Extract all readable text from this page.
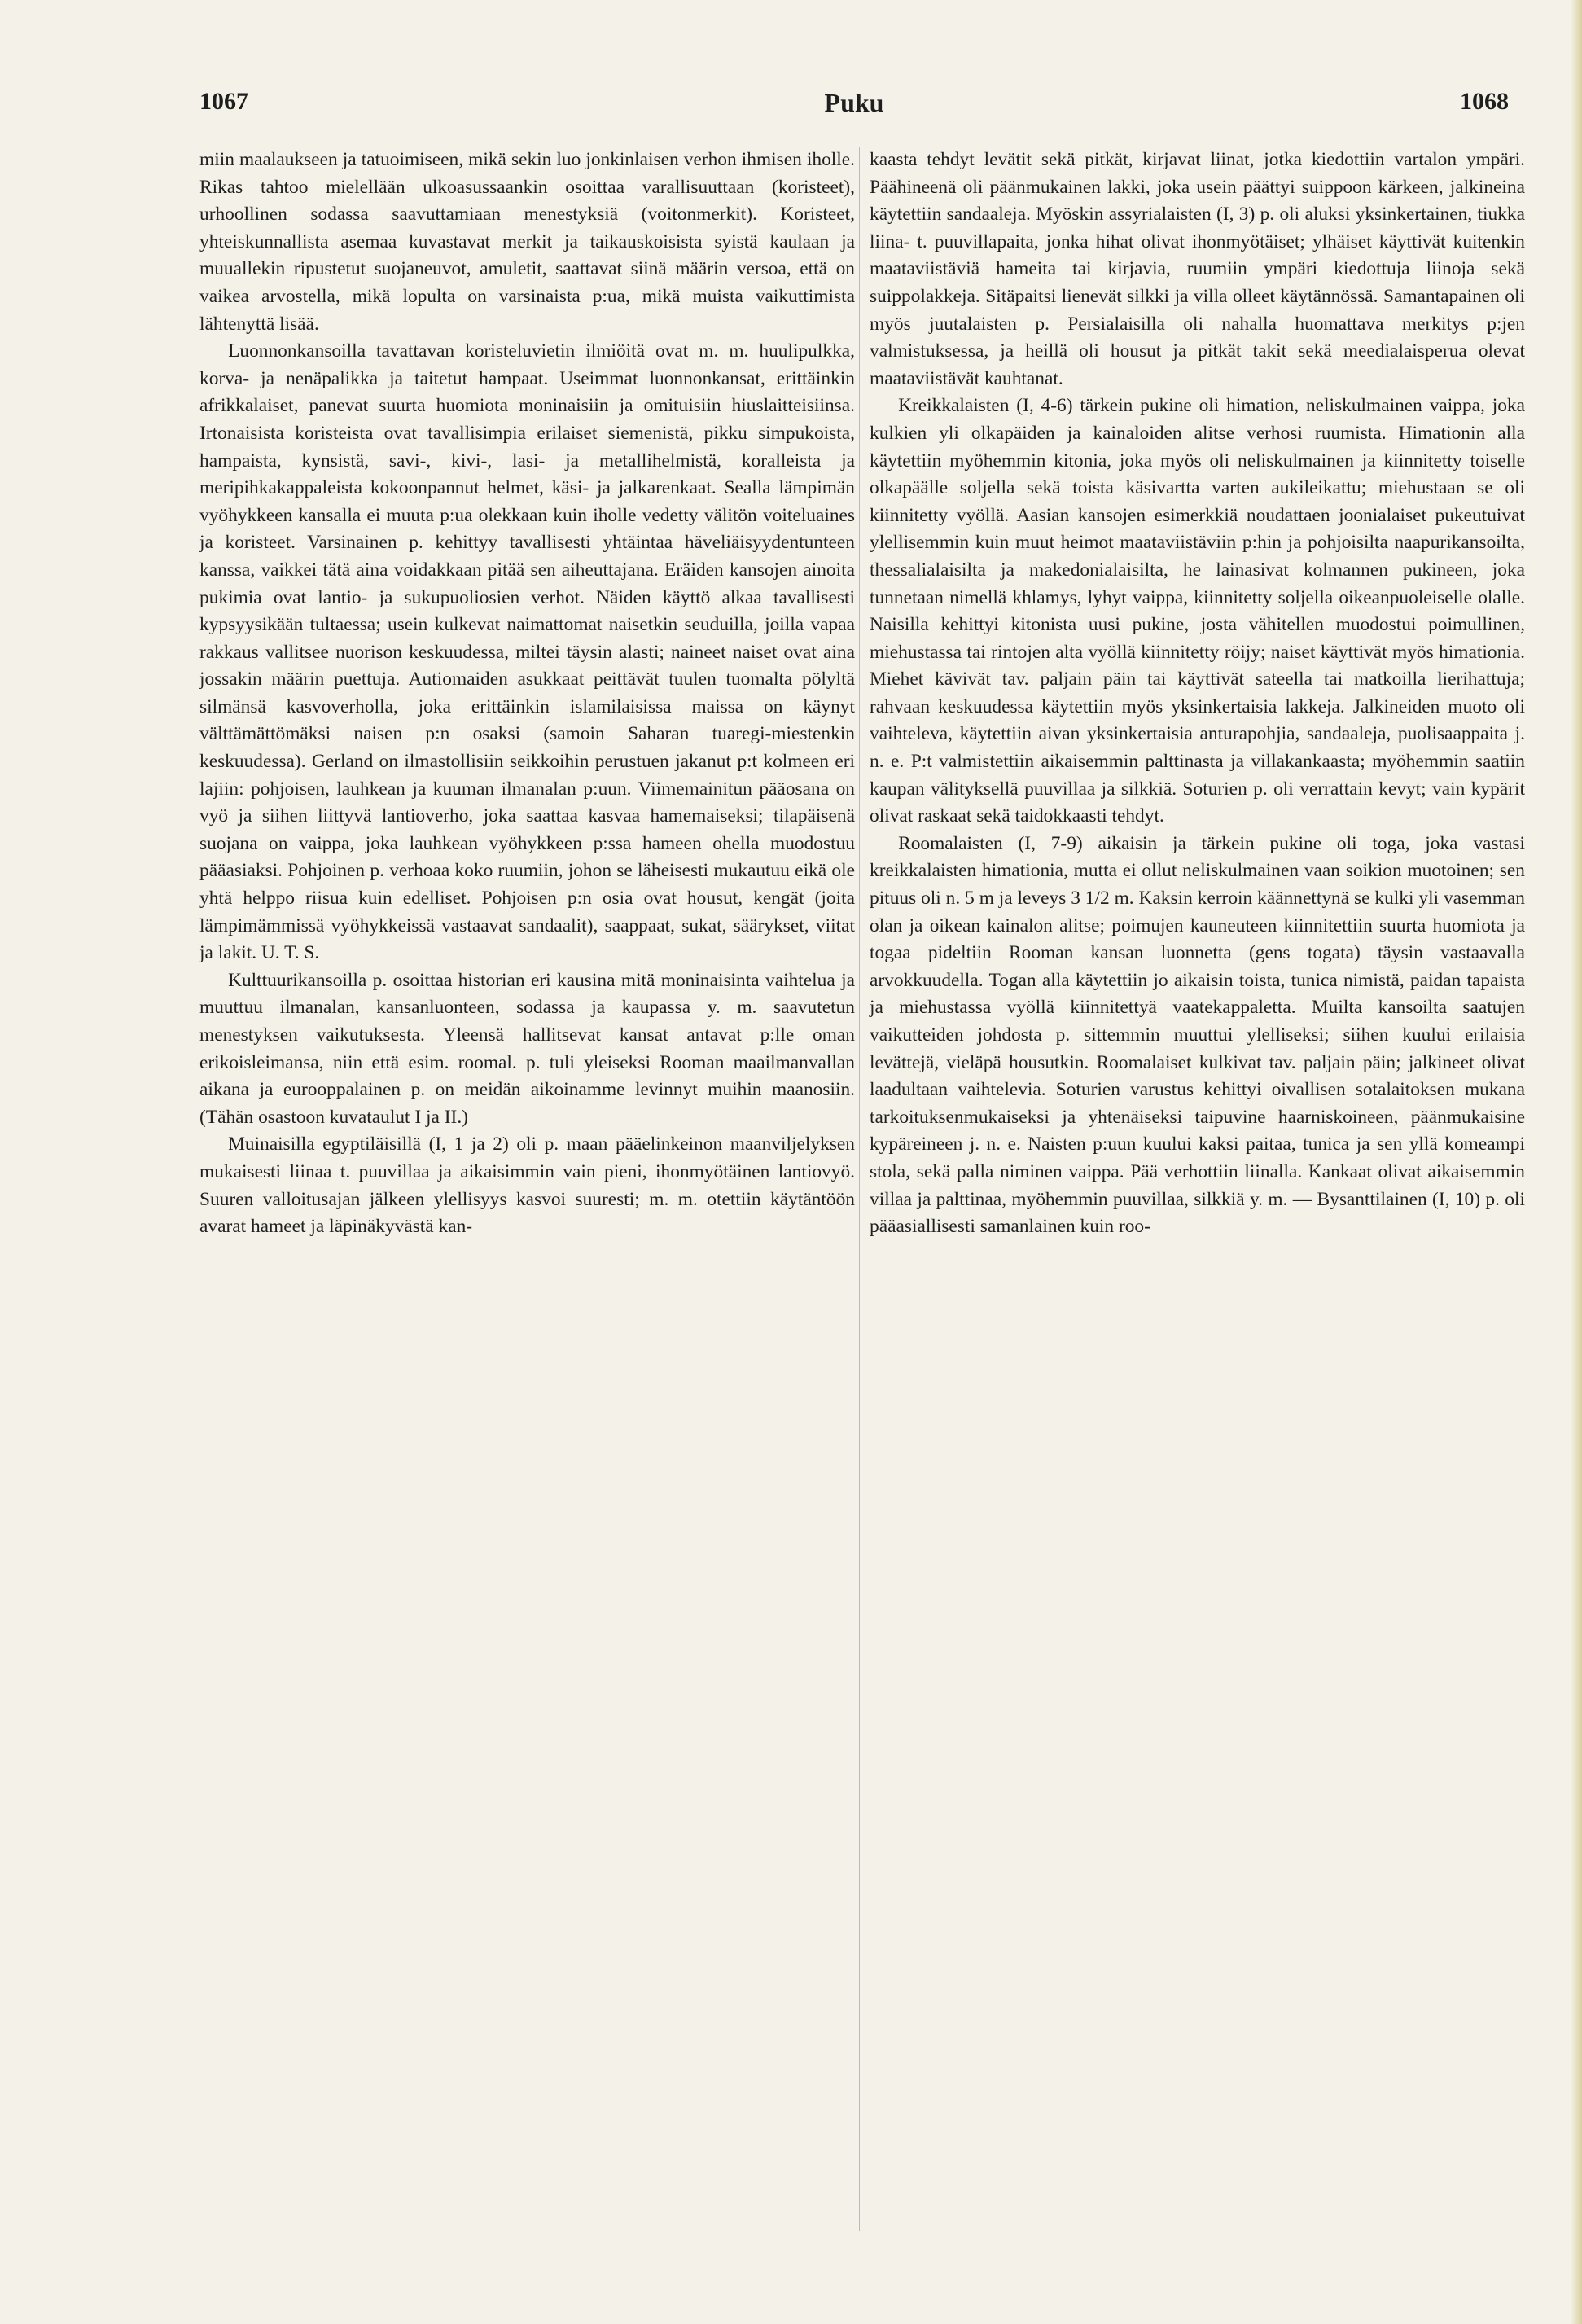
1067	Puku	1068

miin maalaukseen ja tatuoimiseen, mikä sekin luo jonkinlaisen verhon ihmisen iholle. Rikas tahtoo mielellään ulkoasussaankin osoittaa varallisuuttaan (koristeet), urhoollinen sodassa saavuttamiaan menestyksiä (voitonmerkit). Koristeet, yhteiskunnallista asemaa kuvastavat merkit ja taikauskoisista syistä kaulaan ja muuallekin ripustetut suojaneuvot, amuletit, saattavat siinä määrin versoa, että on vaikea arvostella, mikä lopulta on varsinaista p:ua, mikä muista vaikuttimista lähtenyttä lisää.

Luonnonkansoilla tavattavan koristeluvietin ilmiöitä ovat m. m. huulipulkka, korva- ja nenäpalikka ja taitetut hampaat. Useimmat luonnonkansat, erittäinkin afrikkalaiset, panevat suurta huomiota moninaisiin ja omituisiin hiuslaitteisiinsa. Irtonaisista koristeista ovat tavallisimpia erilaiset siemenistä, pikku simpukoista, hampaista, kynsistä, savi-, kivi-, lasi- ja metallihelmistä, koralleista ja meripihkakappaleista kokoonpannut helmet, käsi- ja jalkarenkaat. Sealla lämpimän vyöhykkeen kansalla ei muuta p:ua olekkaan kuin iholle vedetty välitön voiteluaines ja koristeet. Varsinainen p. kehittyy tavallisesti yhtäintaa häveliäisyydentunteen kanssa, vaikkei tätä aina voidakkaan pitää sen aiheuttajana. Eräiden kansojen ainoita pukimia ovat lantio- ja sukupuoliosien verhot. Näiden käyttö alkaa tavallisesti kypsyysikään tultaessa; usein kulkevat naimattomat naisetkin seuduilla, joilla vapaa rakkaus vallitsee nuorison keskuudessa, miltei täysin alasti; naineet naiset ovat aina jossakin määrin puettuja. Autiomaiden asukkaat peittävät tuulen tuomalta pölyltä silmänsä kasvoverholla, joka erittäinkin islamilaisissa maissa on käynyt välttämättömäksi naisen p:n osaksi (samoin Saharan tuaregi-miestenkin keskuudessa). Gerland on ilmastollisiin seikkoihin perustuen jakanut p:t kolmeen eri lajiin: pohjoisen, lauhkean ja kuuman ilmanalan p:uun. Viimemainitun pääosana on vyö ja siihen liittyvä lantioverho, joka saattaa kasvaa hamemaiseksi; tilapäisenä suojana on vaippa, joka lauhkean vyöhykkeen p:ssa hameen ohella muodostuu pääasiaksi. Pohjoinen p. verhoaa koko ruumiin, johon se läheisesti mukautuu eikä ole yhtä helppo riisua kuin edelliset. Pohjoisen p:n osia ovat housut, kengät (joita lämpimämmissä vyöhykkeissä vastaavat sandaalit), saappaat, sukat, säärykset, viitat ja lakit. U. T. S.

Kulttuurikansoilla p. osoittaa historian eri kausina mitä moninaisinta vaihtelua ja muuttuu ilmanalan, kansanluonteen, sodassa ja kaupassa y. m. saavutetun menestyksen vaikutuksesta. Yleensä hallitsevat kansat antavat p:lle oman erikoisleimansa, niin että esim. roomal. p. tuli yleiseksi Rooman maailmanvallan aikana ja eurooppalainen p. on meidän aikoinamme levinnyt muihin maanosiin. (Tähän osastoon kuvataulut I ja II.)

Muinaisilla egyptiläisillä (I, 1 ja 2) oli p. maan pääelinkeinon maanviljelyksen mukaisesti liinaa t. puuvillaa ja aikaisimmin vain pieni, ihonmyötäinen lantiovyö. Suuren valloitusajan jälkeen ylellisyys kasvoi suuresti; m. m. otettiin käytäntöön avarat hameet ja läpinäkyvästä kan-

kaasta tehdyt levätit sekä pitkät, kirjavat liinat, jotka kiedottiin vartalon ympäri. Päähineenä oli päänmukainen lakki, joka usein päättyi suippoon kärkeen, jalkineina käytettiin sandaaleja. Myöskin assyrialaisten (I, 3) p. oli aluksi yksinkertainen, tiukka liina- t. puuvillapaita, jonka hihat olivat ihonmyötäiset; ylhäiset käyttivät kuitenkin maataviistäviä hameita tai kirjavia, ruumiin ympäri kiedottuja liinoja sekä suippolakkeja. Sitäpaitsi lienevät silkki ja villa olleet käytännössä. Samantapainen oli myös juutalaisten p. Persialaisilla oli nahalla huomattava merkitys p:jen valmistuksessa, ja heillä oli housut ja pitkät takit sekä meedialaisperua olevat maataviistävät kauhtanat.

Kreikkalaisten (I, 4-6) tärkein pukine oli himation, neliskulmainen vaippa, joka kulkien yli olkapäiden ja kainaloiden alitse verhosi ruumista. Himationin alla käytettiin myöhemmin kitonia, joka myös oli neliskulmainen ja kiinnitetty toiselle olkapäälle soljella sekä toista käsivartta varten aukileikattu; miehustaan se oli kiinnitetty vyöllä. Aasian kansojen esimerkkiä noudattaen joonialaiset pukeutuivat ylellisemmin kuin muut heimot maataviistäviin p:hin ja pohjoisilta naapurikansoilta, thessalialaisilta ja makedonialaisilta, he lainasivat kolmannen pukineen, joka tunnetaan nimellä khlamys, lyhyt vaippa, kiinnitetty soljella oikeanpuoleiselle olalle. Naisilla kehittyi kitonista uusi pukine, josta vähitellen muodostui poimullinen, miehustassa tai rintojen alta vyöllä kiinnitetty röijy; naiset käyttivät myös himationia. Miehet kävivät tav. paljain päin tai käyttivät sateella tai matkoilla lierihattuja; rahvaan keskuudessa käytettiin myös yksinkertaisia lakkeja. Jalkineiden muoto oli vaihteleva, käytettiin aivan yksinkertaisia anturapohjia, sandaaleja, puolisaappaita j. n. e. P:t valmistettiin aikaisemmin palttinasta ja villakankaasta; myöhemmin saatiin kaupan välityksellä puuvillaa ja silkkiä. Soturien p. oli verrattain kevyt; vain kypärit olivat raskaat sekä taidokkaasti tehdyt.

Roomalaisten (I, 7-9) aikaisin ja tärkein pukine oli toga, joka vastasi kreikkalaisten himationia, mutta ei ollut neliskulmainen vaan soikion muotoinen; sen pituus oli n. 5 m ja leveys 3 1/2 m. Kaksin kerroin käännettynä se kulki yli vasemman olan ja oikean kainalon alitse; poimujen kauneuteen kiinnitettiin suurta huomiota ja togaa pideltiin Rooman kansan luonnetta (gens togata) täysin vastaavalla arvokkuudella. Togan alla käytettiin jo aikaisin toista, tunica nimistä, paidan tapaista ja miehustassa vyöllä kiinnitettyä vaatekappaletta. Muilta kansoilta saatujen vaikutteiden johdosta p. sittemmin muuttui ylelliseksi; siihen kuului erilaisia levättejä, vieläpä housutkin. Roomalaiset kulkivat tav. paljain päin; jalkineet olivat laadultaan vaihtelevia. Soturien varustus kehittyi oivallisen sotalaitoksen mukana tarkoituksenmukaiseksi ja yhtenäiseksi taipuvine haarniskoineen, päänmukaisine kypäreineen j. n. e. Naisten p:uun kuului kaksi paitaa, tunica ja sen yllä komeampi stola, sekä palla niminen vaippa. Pää verhottiin liinalla. Kankaat olivat aikaisemmin villaa ja palttinaa, myöhemmin puuvillaa, silkkiä y. m. — Bysanttilainen (I, 10) p. oli pääasiallisesti samanlainen kuin roo-
